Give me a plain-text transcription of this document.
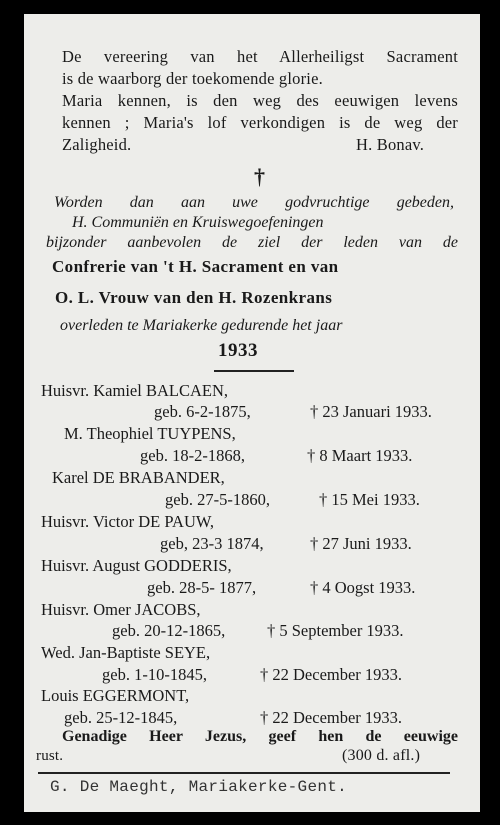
De vereering van het Allerheiligst Sacrament
is de waarborg der toekomende glorie.
Maria kennen, is den weg des eeuwigen levens
kennen ; Maria's lof verkondigen is de weg der
Zaligheid.	H. Bonav.
†
Worden dan aan uwe godvruchtige gebeden,
H. Communiën en Kruiswegoefeningen
bijzonder aanbevolen de ziel der leden van de
Confrerie van 't H. Sacrament en van
O. L. Vrouw van den H. Rozenkrans
overleden te Mariakerke gedurende het jaar
1933
Huisvr. Kamiel BALCAEN,
geb. 6-2-1875,	† 23 Januari 1933.
M. Theophiel TUYPENS,
geb. 18-2-1868,	† 8 Maart 1933.
Karel DE BRABANDER,
geb. 27-5-1860,	† 15 Mei 1933.
Huisvr. Victor DE PAUW,
geb, 23-3 1874,	† 27 Juni 1933.
Huisvr. August GODDERIS,
geb. 28-5- 1877,	† 4 Oogst 1933.
Huisvr. Omer JACOBS,
geb. 20-12-1865,	† 5 September 1933.
Wed. Jan-Baptiste SEYE,
geb. 1-10-1845,	† 22 December 1933.
Louis EGGERMONT,
geb. 25-12-1845,	† 22 December 1933.
Genadige Heer Jezus, geef hen de eeuwige
rust.	(300 d. afl.)
G. De Maeght, Mariakerke-Gent.
